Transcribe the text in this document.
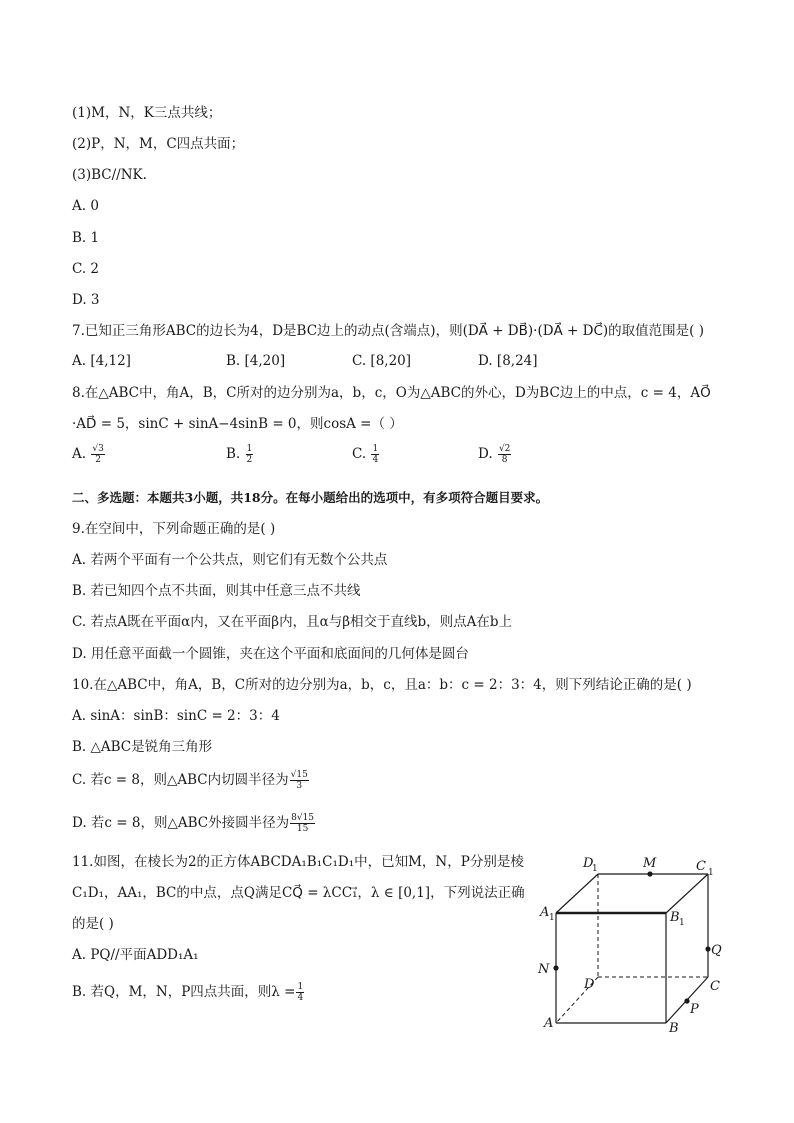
(1)M，N，K三点共线；
(2)P，N，M，C四点共面；
(3)BC//NK.
A. 0
B. 1
C. 2
D. 3
7.已知正三角形ABC的边长为4，D是BC边上的动点(含端点)，则(DA⃗ + DB⃗)·(DA⃗ + DC⃗)的取值范围是( )
A. [4,12]	B. [4,20]	C. [8,20]	D. [8,24]
8.在△ABC中，角A，B，C所对的边分别为a，b，c，O为△ABC的外心，D为BC边上的中点，c = 4，AO⃗
·AD⃗ = 5，sinC + sinA−4sinB = 0，则cosA =（ ）
A. $\frac{√3}{2}$	B. $\frac{1}{2}$	C. $\frac{1}{4}$	D. $\frac{√2}{8}$
二、多选题：本题共3小题，共18分。在每小题给出的选项中，有多项符合题目要求。
9.在空间中，下列命题正确的是( )
A. 若两个平面有一个公共点，则它们有无数个公共点
B. 若已知四个点不共面，则其中任意三点不共线
C. 若点A既在平面α内，又在平面β内，且α与β相交于直线b，则点A在b上
D. 用任意平面截一个圆锥，夹在这个平面和底面间的几何体是圆台
10.在△ABC中，角A，B，C所对的边分别为a，b，c，且a：b：c = 2：3：4，则下列结论正确的是( )
A. sinA：sinB：sinC = 2：3：4
B. △ABC是锐角三角形
C. 若c = 8，则△ABC内切圆半径为 $\frac{√15}{3}$
D. 若c = 8，则△ABC外接圆半径为 $\frac{8√15}{15}$
11.如图，在棱长为2的正方体ABCDA₁B₁C₁D₁中，已知M，N，P分别是棱
C₁D₁，AA₁，BC的中点，点Q满足CQ⃗ = λCC₁⃗，λ ∈ [0,1]，下列说法正确
的是( )
A. PQ//平面ADD₁A₁
B. 若Q，M，N，P四点共面，则$\lambda = \frac{1}{4}$
D
1	M	C 1
A 1	B 1
Q
N
D	C
P
A	B
